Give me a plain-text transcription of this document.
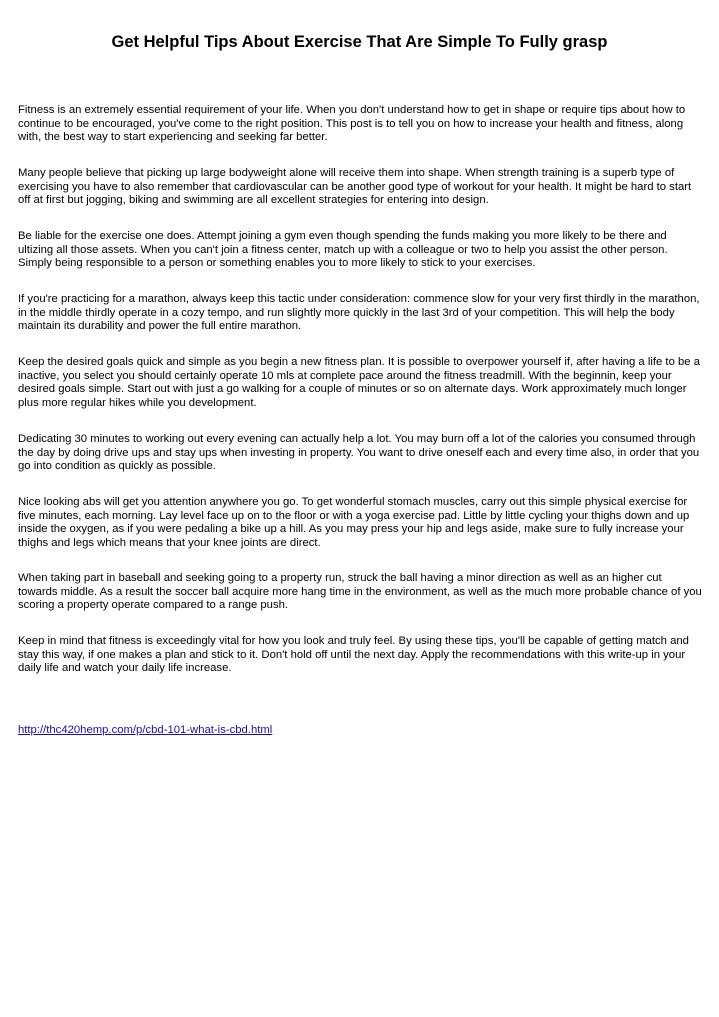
Get Helpful Tips About Exercise That Are Simple To Fully grasp

Fitness is an extremely essential requirement of your life. When you don't understand how to get in shape or require tips about how to continue to be encouraged, you've come to the right position. This post is to tell you on how to increase your health and fitness, along with, the best way to start experiencing and seeking far better.

Many people believe that picking up large bodyweight alone will receive them into shape. When strength training is a superb type of exercising you have to also remember that cardiovascular can be another good type of workout for your health. It might be hard to start off at first but jogging, biking and swimming are all excellent strategies for entering into design.

Be liable for the exercise one does. Attempt joining a gym even though spending the funds making you more likely to be there and ultizing all those assets. When you can't join a fitness center, match up with a colleague or two to help you assist the other person. Simply being responsible to a person or something enables you to more likely to stick to your exercises.

If you're practicing for a marathon, always keep this tactic under consideration: commence slow for your very first thirdly in the marathon, in the middle thirdly operate in a cozy tempo, and run slightly more quickly in the last 3rd of your competition. This will help the body maintain its durability and power the full entire marathon.

Keep the desired goals quick and simple as you begin a new fitness plan. It is possible to overpower yourself if, after having a life to be a inactive, you select you should certainly operate 10 mls at complete pace around the fitness treadmill. With the beginnin, keep your desired goals simple. Start out with just a go walking for a couple of minutes or so on alternate days. Work approximately much longer plus more regular hikes while you development.

Dedicating 30 minutes to working out every evening can actually help a lot. You may burn off a lot of the calories you consumed through the day by doing drive ups and stay ups when investing in property. You want to drive oneself each and every time also, in order that you go into condition as quickly as possible.

Nice looking abs will get you attention anywhere you go. To get wonderful stomach muscles, carry out this simple physical exercise for five minutes, each morning. Lay level face up on to the floor or with a yoga exercise pad. Little by little cycling your thighs down and up inside the oxygen, as if you were pedaling a bike up a hill. As you may press your hip and legs aside, make sure to fully increase your thighs and legs which means that your knee joints are direct.

When taking part in baseball and seeking going to a property run, struck the ball having a minor direction as well as an higher cut towards middle. As a result the soccer ball acquire more hang time in the environment, as well as the much more probable chance of you scoring a property operate compared to a range push.

Keep in mind that fitness is exceedingly vital for how you look and truly feel. By using these tips, you'll be capable of getting match and stay this way, if one makes a plan and stick to it. Don't hold off until the next day. Apply the recommendations with this write-up in your daily life and watch your daily life increase.

http://thc420hemp.com/p/cbd-101-what-is-cbd.html
